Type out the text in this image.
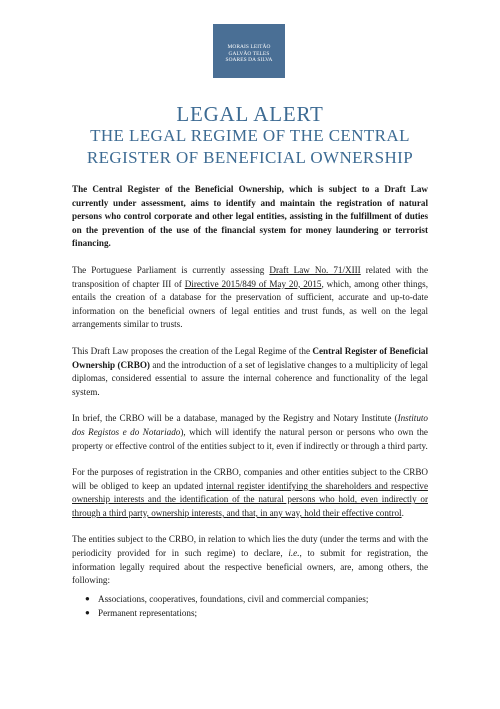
MORAIS LEITÃO
GALVÃO TELES
SOARES DA SILVA
LEGAL ALERT
THE LEGAL REGIME OF THE CENTRAL
REGISTER OF BENEFICIAL OWNERSHIP

The Central Register of the Beneficial Ownership, which is subject to a Draft Law currently under assessment, aims to identify and maintain the registration of natural persons who control corporate and other legal entities, assisting in the fulfillment of duties on the prevention of the use of the financial system for money laundering or terrorist financing.

The Portuguese Parliament is currently assessing Draft Law No. 71/XIII related with the transposition of chapter III of Directive 2015/849 of May 20, 2015, which, among other things, entails the creation of a database for the preservation of sufficient, accurate and up-to-date information on the beneficial owners of legal entities and trust funds, as well on the legal arrangements similar to trusts.

This Draft Law proposes the creation of the Legal Regime of the Central Register of Beneficial Ownership (CRBO) and the introduction of a set of legislative changes to a multiplicity of legal diplomas, considered essential to assure the internal coherence and functionality of the legal system.

In brief, the CRBO will be a database, managed by the Registry and Notary Institute (Instituto dos Registos e do Notariado), which will identify the natural person or persons who own the property or effective control of the entities subject to it, even if indirectly or through a third party.

For the purposes of registration in the CRBO, companies and other entities subject to the CRBO will be obliged to keep an updated internal register identifying the shareholders and respective ownership interests and the identification of the natural persons who hold, even indirectly or through a third party, ownership interests, and that, in any way, hold their effective control.

The entities subject to the CRBO, in relation to which lies the duty (under the terms and with the periodicity provided for in such regime) to declare, i.e., to submit for registration, the information legally required about the respective beneficial owners, are, among others, the following:

● Associations, cooperatives, foundations, civil and commercial companies;
● Permanent representations;
